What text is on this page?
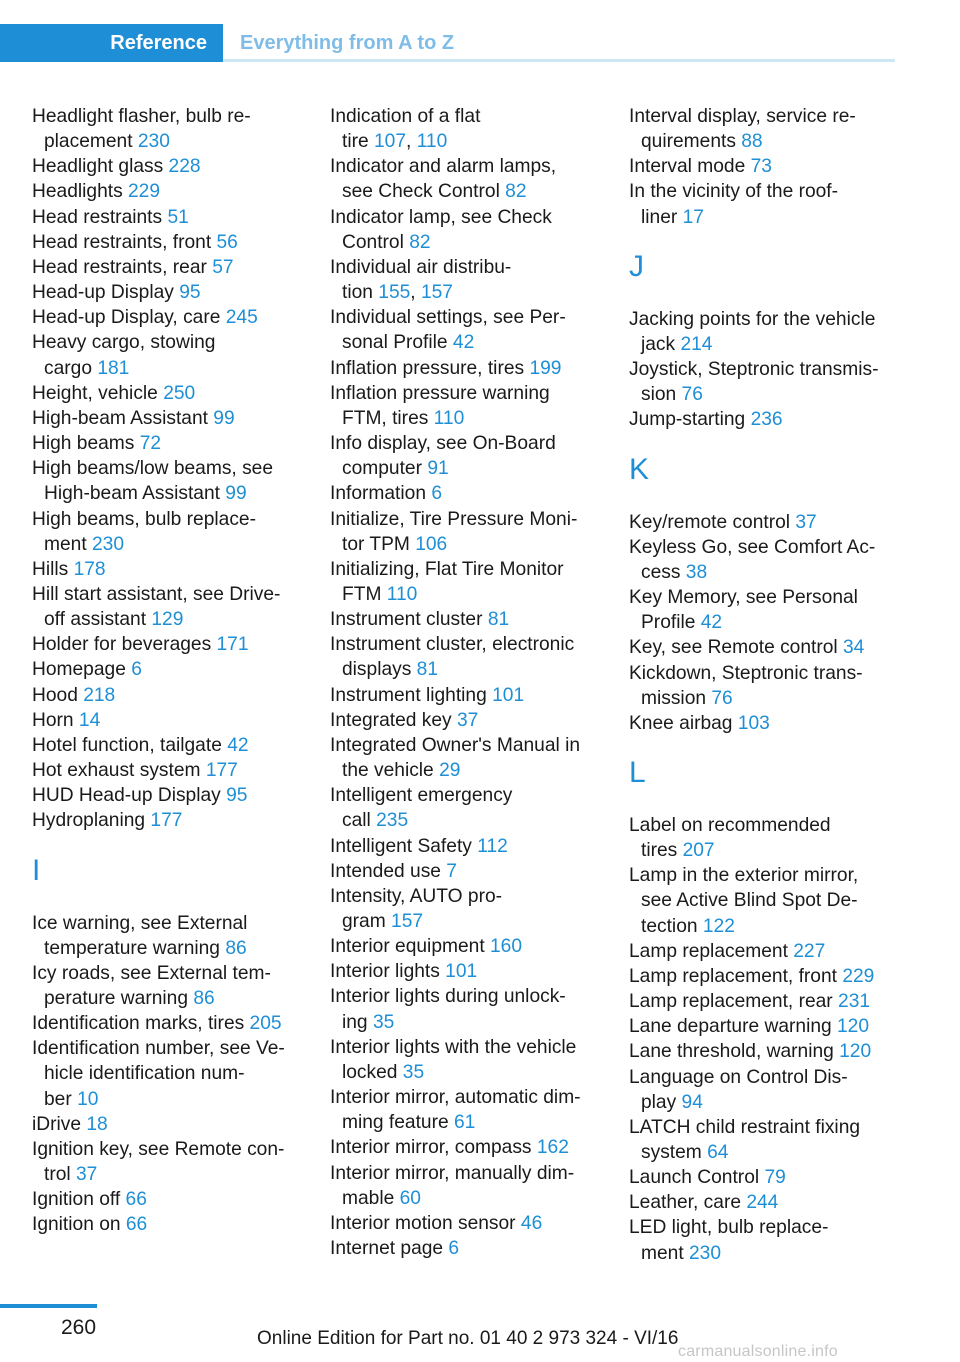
Reference	Everything from A to Z
Headlight flasher, bulb re-
placement 230
Headlight glass 228
Headlights 229
Head restraints 51
Head restraints, front 56
Head restraints, rear 57
Head-up Display 95
Head-up Display, care 245
Heavy cargo, stowing
cargo 181
Height, vehicle 250
High-beam Assistant 99
High beams 72
High beams/low beams, see
High-beam Assistant 99
High beams, bulb replace-
ment 230
Hills 178
Hill start assistant, see Drive-
off assistant 129
Holder for beverages 171
Homepage 6
Hood 218
Horn 14
Hotel function, tailgate 42
Hot exhaust system 177
HUD Head-up Display 95
Hydroplaning 177
I
Ice warning, see External
temperature warning 86
Icy roads, see External tem-
perature warning 86
Identification marks, tires 205
Identification number, see Ve-
hicle identification num-
ber 10
iDrive 18
Ignition key, see Remote con-
trol 37
Ignition off 66
Ignition on 66
Indication of a flat
tire 107, 110
Indicator and alarm lamps,
see Check Control 82
Indicator lamp, see Check
Control 82
Individual air distribu-
tion 155, 157
Individual settings, see Per-
sonal Profile 42
Inflation pressure, tires 199
Inflation pressure warning
FTM, tires 110
Info display, see On-Board
computer 91
Information 6
Initialize, Tire Pressure Moni-
tor TPM 106
Initializing, Flat Tire Monitor
FTM 110
Instrument cluster 81
Instrument cluster, electronic
displays 81
Instrument lighting 101
Integrated key 37
Integrated Owner's Manual in
the vehicle 29
Intelligent emergency
call 235
Intelligent Safety 112
Intended use 7
Intensity, AUTO pro-
gram 157
Interior equipment 160
Interior lights 101
Interior lights during unlock-
ing 35
Interior lights with the vehicle
locked 35
Interior mirror, automatic dim-
ming feature 61
Interior mirror, compass 162
Interior mirror, manually dim-
mable 60
Interior motion sensor 46
Internet page 6
Interval display, service re-
quirements 88
Interval mode 73
In the vicinity of the roof-
liner 17
J
Jacking points for the vehicle
jack 214
Joystick, Steptronic transmis-
sion 76
Jump-starting 236
K
Key/remote control 37
Keyless Go, see Comfort Ac-
cess 38
Key Memory, see Personal
Profile 42
Key, see Remote control 34
Kickdown, Steptronic trans-
mission 76
Knee airbag 103
L
Label on recommended
tires 207
Lamp in the exterior mirror,
see Active Blind Spot De-
tection 122
Lamp replacement 227
Lamp replacement, front 229
Lamp replacement, rear 231
Lane departure warning 120
Lane threshold, warning 120
Language on Control Dis-
play 94
LATCH child restraint fixing
system 64
Launch Control 79
Leather, care 244
LED light, bulb replace-
ment 230
260	Online Edition for Part no. 01 40 2 973 324 - VI/16
carmanualsonline.info
